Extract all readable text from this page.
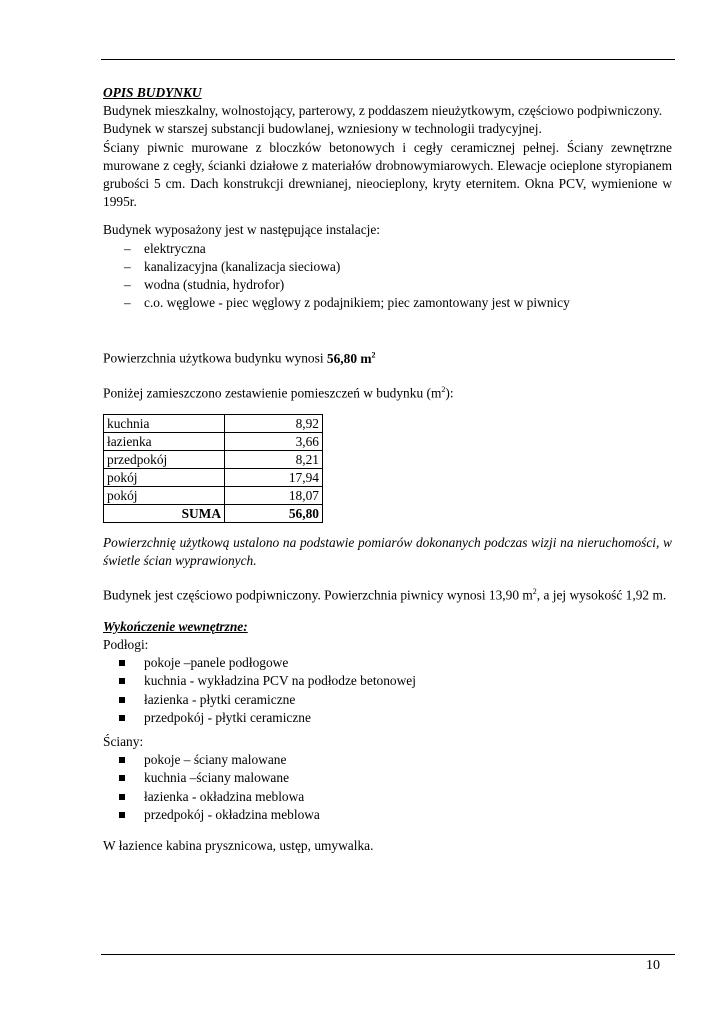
OPIS BUDYNKU

Budynek mieszkalny, wolnostojący, parterowy, z poddaszem nieużytkowym, częściowo podpiwniczony.

Budynek w starszej substancji budowlanej, wzniesiony w technologii tradycyjnej.

Ściany piwnic murowane z bloczków betonowych i cegły ceramicznej pełnej. Ściany zewnętrzne murowane z cegły, ścianki działowe z materiałów drobnowymiarowych. Elewacje ocieplone styropianem grubości 5 cm. Dach konstrukcji drewnianej, nieocieplony, kryty eternitem. Okna PCV, wymienione w 1995r.

Budynek wyposażony jest w następujące instalacje:

– elektryczna
– kanalizacyjna (kanalizacja sieciowa)
– wodna (studnia, hydrofor)
– c.o. węglowe - piec węglowy z podajnikiem; piec zamontowany jest w piwnicy

Powierzchnia użytkowa budynku wynosi 56,80 $m^2$

Poniżej zamieszczono zestawienie pomieszczeń w budynku $(m^2)$:

kuchnia	8,92
łazienka	3,66
przedpokój	8,21
pokój	17,94
pokój	18,07
SUMA	56,80

Powierzchnię użytkową ustalono na podstawie pomiarów dokonanych podczas wizji na nieruchomości, w świetle ścian wyprawionych.

Budynek jest częściowo podpiwniczony. Powierzchnia piwnicy wynosi 13,90 $m^2$, a jej wysokość 1,92 m.

Wykończenie wewnętrzne:

Podłogi:

pokoje –panele podłogowe
kuchnia - wykładzina PCV na podłodze betonowej
łazienka - płytki ceramiczne
przedpokój - płytki ceramiczne

Ściany:

pokoje – ściany malowane
kuchnia –ściany malowane
łazienka - okładzina meblowa
przedpokój - okładzina meblowa

W łazience kabina prysznicowa, ustęp, umywalka.

10
